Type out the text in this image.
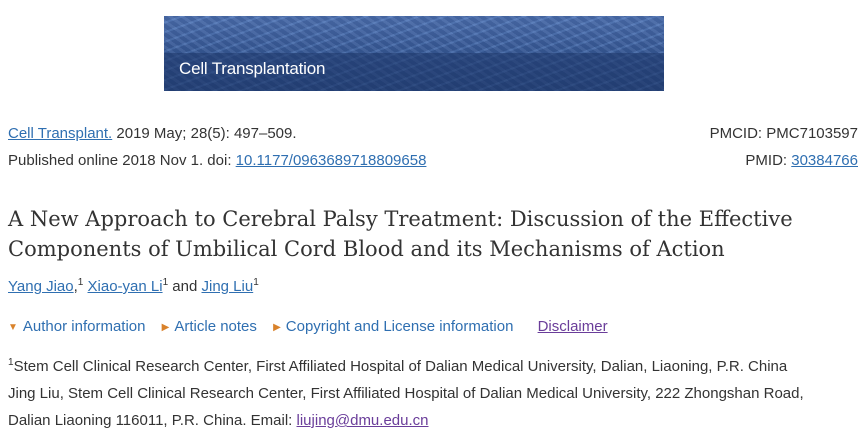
Cell Transplantation
Cell Transplant. 2019 May; 28(5): 497–509.
Published online 2018 Nov 1. doi: 10.1177/0963689718809658
PMCID: PMC7103597
PMID: 30384766
A New Approach to Cerebral Palsy Treatment: Discussion of the Effective Components of Umbilical Cord Blood and its Mechanisms of Action
Yang Jiao,$^1$ Xiao-yan Li$^1$ and Jing Liu$^1$
▼ Author information ▶ Article notes ▶ Copyright and License information Disclaimer
$^1$Stem Cell Clinical Research Center, First Affiliated Hospital of Dalian Medical University, Dalian, Liaoning, P.R. China
Jing Liu, Stem Cell Clinical Research Center, First Affiliated Hospital of Dalian Medical University, 222 Zhongshan Road,
Dalian Liaoning 116011, P.R. China. Email: liujing@dmu.edu.cn
